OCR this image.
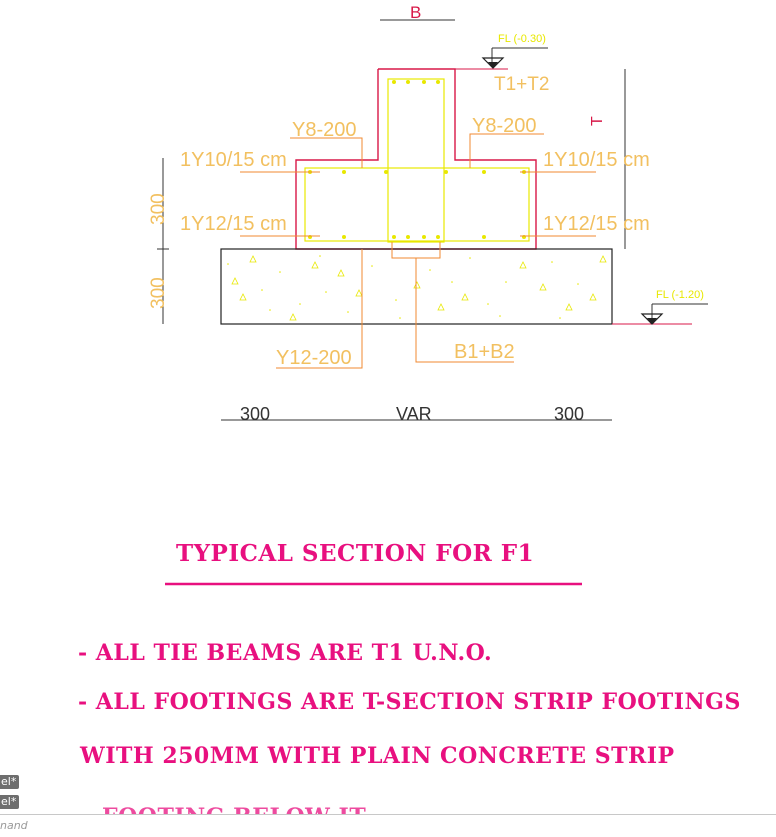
B
FL (-0.30)
T1+T2
T
FL (-1.20)
300
300
Y8-200	Y8-200
1Y10/15 cm	1Y10/15 cm
1Y12/15 cm	1Y12/15 cm
Y12-200	B1+B2
300	VAR	300
TYPICAL SECTION FOR F1
- ALL TIE BEAMS ARE T1 U.N.O.
- ALL FOOTINGS ARE T-SECTION STRIP FOOTINGS
WITH 250MM WITH PLAIN CONCRETE STRIP
el*
el*
nand
